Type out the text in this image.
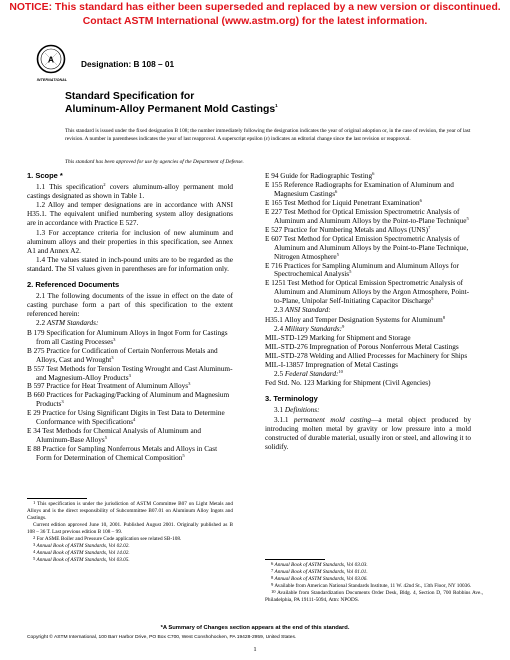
NOTICE: This standard has either been superseded and replaced by a new version or discontinued.
Contact ASTM International (www.astm.org) for the latest information.
A
INTERNATIONAL
Designation: B 108 – 01
Standard Specification for
Aluminum-Alloy Permanent Mold Castings$^1$
This standard is issued under the fixed designation B 108; the number immediately following the designation indicates the year of original adoption or, in the case of revision, the year of last revision. A number in parentheses indicates the year of last reapproval. A superscript epsilon (ε) indicates an editorial change since the last revision or reapproval.
This standard has been approved for use by agencies of the Department of Defense.
1. Scope *

1.1 This specification$^2$ covers aluminum-alloy permanent mold castings designated as shown in Table 1.

1.2 Alloy and temper designations are in accordance with ANSI H35.1. The equivalent unified numbering system alloy designations are in accordance with Practice E 527.

1.3 For acceptance criteria for inclusion of new aluminum and aluminum alloys and their properties in this specification, see Annex A1 and Annex A2.

1.4 The values stated in inch-pound units are to be regarded as the standard. The SI values given in parentheses are for information only.

2. Referenced Documents

2.1 The following documents of the issue in effect on the date of casting purchase form a part of this specification to the extent referenced herein:

2.2 ASTM Standards:

B 179 Specification for Aluminum Alloys in Ingot Form for Castings from all Casting Processes$^3$

B 275 Practice for Codification of Certain Nonferrous Metals and Alloys, Cast and Wrought$^3$

B 557 Test Methods for Tension Testing Wrought and Cast Aluminum- and Magnesium-Alloy Products$^3$

B 597 Practice for Heat Treatment of Aluminum Alloys$^3$

B 660 Practices for Packaging/Packing of Aluminum and Magnesium Products$^3$

E 29 Practice for Using Significant Digits in Test Data to Determine Conformance with Specifications$^4$

E 34 Test Methods for Chemical Analysis of Aluminum and Aluminum-Base Alloys$^5$

E 88 Practice for Sampling Nonferrous Metals and Alloys in Cast Form for Determination of Chemical Composition$^5$

E 94 Guide for Radiographic Testing$^6$

E 155 Reference Radiographs for Examination of Aluminum and Magnesium Castings$^6$

E 165 Test Method for Liquid Penetrant Examination$^6$

E 227 Test Method for Optical Emission Spectrometric Analysis of Aluminum and Aluminum Alloys by the Point-to-Plane Technique$^5$

E 527 Practice for Numbering Metals and Alloys (UNS)$^7$

E 607 Test Method for Optical Emission Spectrometric Analysis of Aluminum and Aluminum Alloys by the Point-to-Plane Technique, Nitrogen Atmosphere$^5$

E 716 Practices for Sampling Aluminum and Aluminum Alloys for Spectrochemical Analysis$^5$

E 1251 Test Method for Optical Emission Spectrometric Analysis of Aluminum and Aluminum Alloys by the Argon Atmosphere, Point-to-Plane, Unipolar Self-Initiating Capacitor Discharge$^5$

2.3 ANSI Standard:

H35.1 Alloy and Temper Designation Systems for Aluminum$^8$

2.4 Military Standards:$^9$

MIL-STD-129 Marking for Shipment and Storage

MIL-STD-276 Impregnation of Porous Nonferrous Metal Castings

MIL-STD-278 Welding and Allied Processes for Machinery for Ships

MIL-I-13857 Impregnation of Metal Castings

2.5 Federal Standard:$^{10}$

Fed Std. No. 123 Marking for Shipment (Civil Agencies)

3. Terminology

3.1 Definitions:

3.1.1 permanent mold casting—a metal object produced by introducing molten metal by gravity or low pressure into a mold constructed of durable material, usually iron or steel, and allowing it to solidify.

$^1$ This specification is under the jurisdiction of ASTM Committee B07 on Light Metals and Alloys and is the direct responsibility of Subcommittee B07.01 on Aluminum Alloy Ingots and Castings.

Current edition approved June 10, 2001. Published August 2001. Originally published as B 108 – 36 T. Last previous edition B 108 – 99.

$^2$ For ASME Boiler and Pressure Code application see related SB-108.

$^3$ Annual Book of ASTM Standards, Vol 02.02.

$^4$ Annual Book of ASTM Standards, Vol 14.02.

$^5$ Annual Book of ASTM Standards, Vol 03.05.

$^6$ Annual Book of ASTM Standards, Vol 03.03.

$^7$ Annual Book of ASTM Standards, Vol 01.01.

$^8$ Annual Book of ASTM Standards, Vol 03.06.

$^9$ Available from American National Standards Institute, 11 W. 42nd St., 13th Floor, NY 10036.

$^{10}$ Available from Standardization Documents Order Desk, Bldg. 4, Section D, 700 Robbins Ave., Philadelphia, PA 19111-5094, Attn: NPODS.

*A Summary of Changes section appears at the end of this standard.
Copyright © ASTM International, 100 Barr Harbor Drive, PO Box C700, West Conshohocken, PA 19428-2959, United States.
1
